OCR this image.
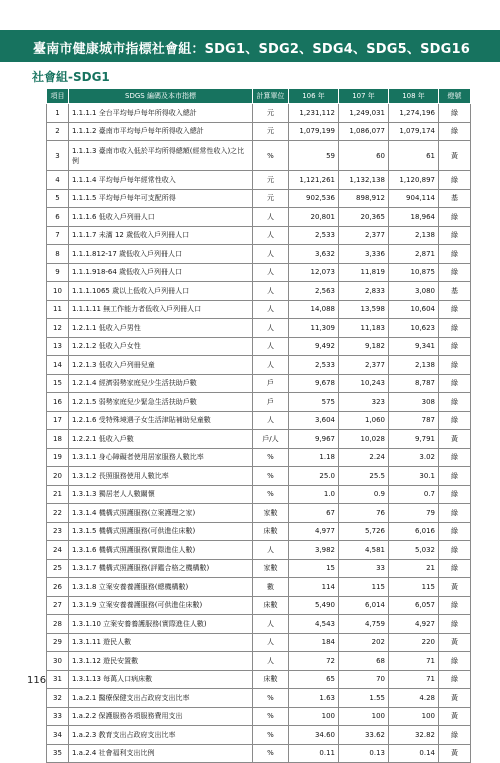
臺南市健康城市指標社會組：SDG1、SDG2、SDG4、SDG5、SDG16
社會組-SDG1
項目	SDGS 編碼及本市指標	計算單位	106 年	107 年	108 年	燈號
1	1.1.1.1 全台平均每戶每年所得收入總計	元	1,231,112	1,249,031	1,274,196	綠
2	1.1.1.2 臺南市平均每戶每年所得收入總計	元	1,079,199	1,086,077	1,079,174	綠
3	1.1.1.3 臺南市收入低於平均所得總額(經常性收入)之比例	%	59	60	61	黃
4	1.1.1.4 平均每戶每年經常性收入	元	1,121,261	1,132,138	1,120,897	綠
5	1.1.1.5 平均每戶每年可支配所得	元	902,536	898,912	904,114	基
6	1.1.1.6 低收入戶列冊人口	人	20,801	20,365	18,964	綠
7	1.1.1.7 未滿 12 歲低收入戶列冊人口	人	2,533	2,377	2,138	綠
8	1.1.1.812-17 歲低收入戶列冊人口	人	3,632	3,336	2,871	綠
9	1.1.1.918-64 歲低收入戶列冊人口	人	12,073	11,819	10,875	綠
10	1.1.1.1065 歲以上低收入戶列冊人口	人	2,563	2,833	3,080	基
11	1.1.1.11 無工作能力者低收入戶列冊人口	人	14,088	13,598	10,604	綠
12	1.2.1.1 低收入戶男性	人	11,309	11,183	10,623	綠
13	1.2.1.2 低收入戶女性	人	9,492	9,182	9,341	綠
14	1.2.1.3 低收入戶列冊兒童	人	2,533	2,377	2,138	綠
15	1.2.1.4 經濟弱勢家庭兒少生活扶助戶數	戶	9,678	10,243	8,787	綠
16	1.2.1.5 弱勢家庭兒少緊急生活扶助戶數	戶	575	323	308	綠
17	1.2.1.6 受特殊境遇子女生活津貼補助兒童數	人	3,604	1,060	787	綠
18	1.2.2.1 低收入戶數	戶/人	9,967	10,028	9,791	黃
19	1.3.1.1 身心障礙者使用居家服務人數比率	%	1.18	2.24	3.02	綠
20	1.3.1.2 長照服務使用人數比率	%	25.0	25.5	30.1	綠
21	1.3.1.3 獨居老人人數關懷	%	1.0	0.9	0.7	綠
22	1.3.1.4 機構式照護服務(立案護理之家)	家數	67	76	79	綠
23	1.3.1.5 機構式照護服務(可供進住床數)	床數	4,977	5,726	6,016	綠
24	1.3.1.6 機構式照護服務(實際進住人數)	人	3,982	4,581	5,032	綠
25	1.3.1.7 機構式照護服務(評鑑合格之機構數)	家數	15	33	21	綠
26	1.3.1.8 立案安養養護服務(總機構數)	數	114	115	115	黃
27	1.3.1.9 立案安養養護服務(可供進住床數)	床數	5,490	6,014	6,057	綠
28	1.3.1.10 立案安養養護服務(實際進住人數)	人	4,543	4,759	4,927	綠
29	1.3.1.11 遊民人數	人	184	202	220	黃
30	1.3.1.12 遊民安置數	人	72	68	71	綠
31	1.3.1.13 每萬人口病床數	床數	65	70	71	綠
32	1.a.2.1 醫療保健支出占政府支出比率	%	1.63	1.55	4.28	黃
33	1.a.2.2 保護服務各項服務費用支出	%	100	100	100	黃
34	1.a.2.3 教育支出占政府支出比率	%	34.60	33.62	32.82	綠
35	1.a.2.4 社會福利支出比例	%	0.11	0.13	0.14	黃
116
